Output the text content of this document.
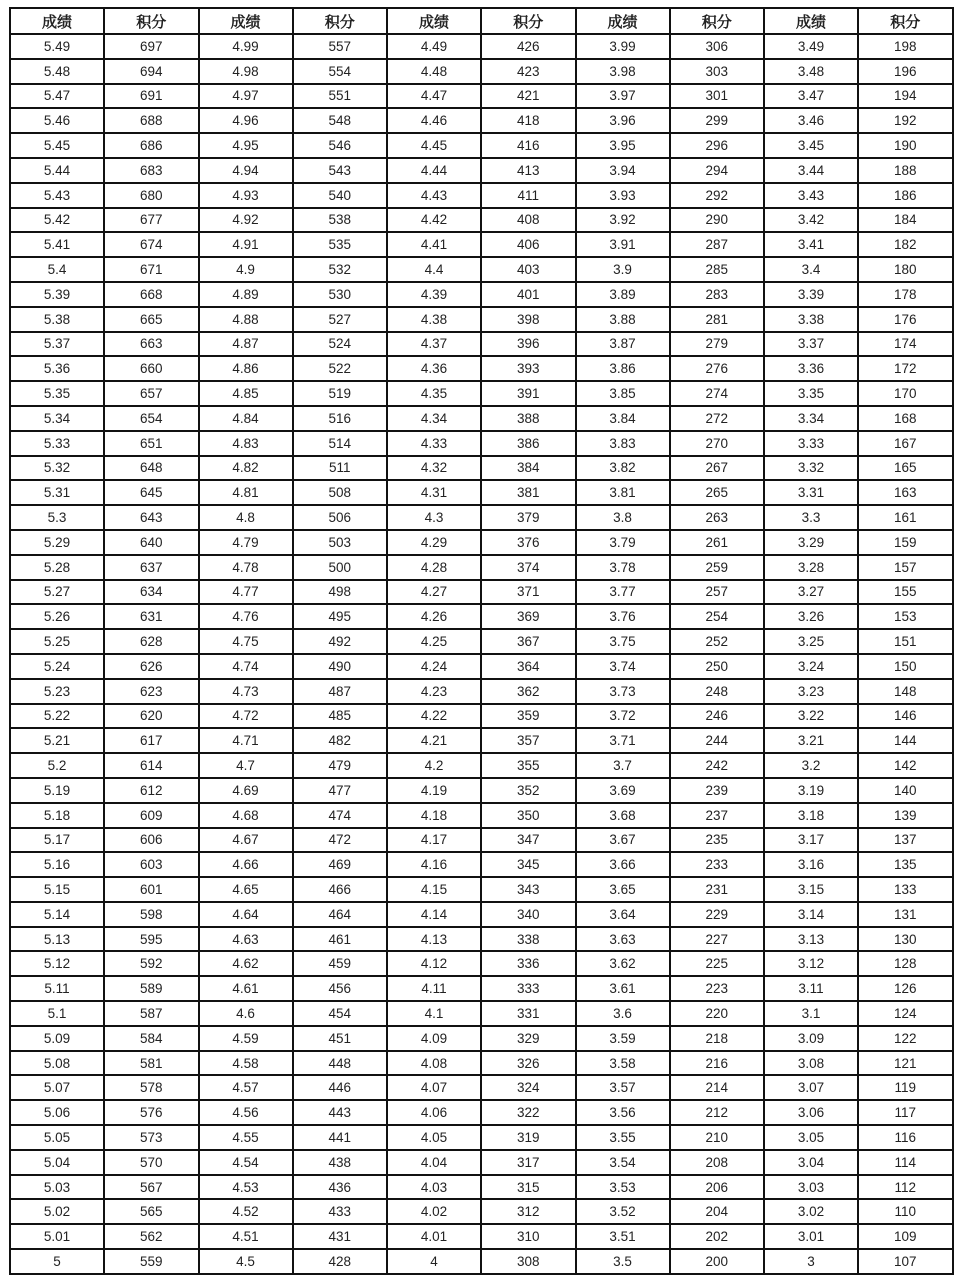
成绩	积分	成绩	积分	成绩	积分	成绩	积分	成绩	积分
5.49	697	4.99	557	4.49	426	3.99	306	3.49	198
5.48	694	4.98	554	4.48	423	3.98	303	3.48	196
5.47	691	4.97	551	4.47	421	3.97	301	3.47	194
5.46	688	4.96	548	4.46	418	3.96	299	3.46	192
5.45	686	4.95	546	4.45	416	3.95	296	3.45	190
5.44	683	4.94	543	4.44	413	3.94	294	3.44	188
5.43	680	4.93	540	4.43	411	3.93	292	3.43	186
5.42	677	4.92	538	4.42	408	3.92	290	3.42	184
5.41	674	4.91	535	4.41	406	3.91	287	3.41	182
5.4	671	4.9	532	4.4	403	3.9	285	3.4	180
5.39	668	4.89	530	4.39	401	3.89	283	3.39	178
5.38	665	4.88	527	4.38	398	3.88	281	3.38	176
5.37	663	4.87	524	4.37	396	3.87	279	3.37	174
5.36	660	4.86	522	4.36	393	3.86	276	3.36	172
5.35	657	4.85	519	4.35	391	3.85	274	3.35	170
5.34	654	4.84	516	4.34	388	3.84	272	3.34	168
5.33	651	4.83	514	4.33	386	3.83	270	3.33	167
5.32	648	4.82	511	4.32	384	3.82	267	3.32	165
5.31	645	4.81	508	4.31	381	3.81	265	3.31	163
5.3	643	4.8	506	4.3	379	3.8	263	3.3	161
5.29	640	4.79	503	4.29	376	3.79	261	3.29	159
5.28	637	4.78	500	4.28	374	3.78	259	3.28	157
5.27	634	4.77	498	4.27	371	3.77	257	3.27	155
5.26	631	4.76	495	4.26	369	3.76	254	3.26	153
5.25	628	4.75	492	4.25	367	3.75	252	3.25	151
5.24	626	4.74	490	4.24	364	3.74	250	3.24	150
5.23	623	4.73	487	4.23	362	3.73	248	3.23	148
5.22	620	4.72	485	4.22	359	3.72	246	3.22	146
5.21	617	4.71	482	4.21	357	3.71	244	3.21	144
5.2	614	4.7	479	4.2	355	3.7	242	3.2	142
5.19	612	4.69	477	4.19	352	3.69	239	3.19	140
5.18	609	4.68	474	4.18	350	3.68	237	3.18	139
5.17	606	4.67	472	4.17	347	3.67	235	3.17	137
5.16	603	4.66	469	4.16	345	3.66	233	3.16	135
5.15	601	4.65	466	4.15	343	3.65	231	3.15	133
5.14	598	4.64	464	4.14	340	3.64	229	3.14	131
5.13	595	4.63	461	4.13	338	3.63	227	3.13	130
5.12	592	4.62	459	4.12	336	3.62	225	3.12	128
5.11	589	4.61	456	4.11	333	3.61	223	3.11	126
5.1	587	4.6	454	4.1	331	3.6	220	3.1	124
5.09	584	4.59	451	4.09	329	3.59	218	3.09	122
5.08	581	4.58	448	4.08	326	3.58	216	3.08	121
5.07	578	4.57	446	4.07	324	3.57	214	3.07	119
5.06	576	4.56	443	4.06	322	3.56	212	3.06	117
5.05	573	4.55	441	4.05	319	3.55	210	3.05	116
5.04	570	4.54	438	4.04	317	3.54	208	3.04	114
5.03	567	4.53	436	4.03	315	3.53	206	3.03	112
5.02	565	4.52	433	4.02	312	3.52	204	3.02	110
5.01	562	4.51	431	4.01	310	3.51	202	3.01	109
5	559	4.5	428	4	308	3.5	200	3	107
